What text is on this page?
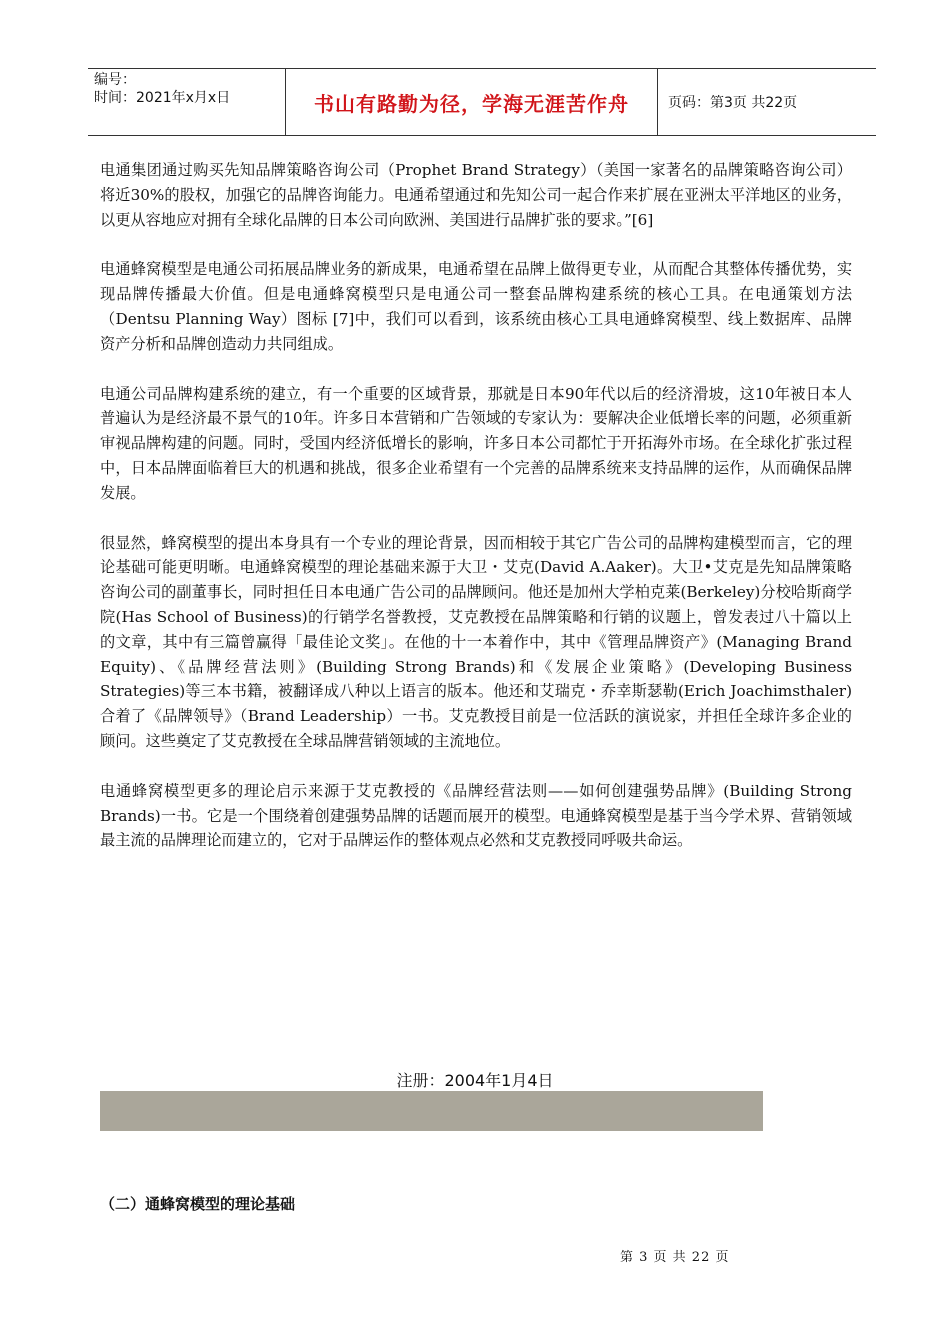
编号：
时间：2021年x月x日	书山有路勤为径，学海无涯苦作舟	页码：第3页 共22页

电通集团通过购买先知品牌策略咨询公司（Prophet Brand Strategy）（美国一家著名的品牌策略咨询公司）将近30%的股权，加强它的品牌咨询能力。电通希望通过和先知公司一起合作来扩展在亚洲太平洋地区的业务，以更从容地应对拥有全球化品牌的日本公司向欧洲、美国进行品牌扩张的要求。”[6]

电通蜂窝模型是电通公司拓展品牌业务的新成果，电通希望在品牌上做得更专业，从而配合其整体传播优势，实现品牌传播最大价值。但是电通蜂窝模型只是电通公司一整套品牌构建系统的核心工具。在电通策划方法（Dentsu Planning Way）图标 [7]中，我们可以看到，该系统由核心工具电通蜂窝模型、线上数据库、品牌资产分析和品牌创造动力共同组成。

电通公司品牌构建系统的建立，有一个重要的区域背景，那就是日本90年代以后的经济滑坡，这10年被日本人普遍认为是经济最不景气的10年。许多日本营销和广告领域的专家认为：要解决企业低增长率的问题，必须重新审视品牌构建的问题。同时，受国内经济低增长的影响，许多日本公司都忙于开拓海外市场。在全球化扩张过程中，日本品牌面临着巨大的机遇和挑战，很多企业希望有一个完善的品牌系统来支持品牌的运作，从而确保品牌发展。

很显然，蜂窝模型的提出本身具有一个专业的理论背景，因而相较于其它广告公司的品牌构建模型而言，它的理论基础可能更明晰。电通蜂窝模型的理论基础来源于大卫・艾克(David A.Aaker)。大卫•艾克是先知品牌策略咨询公司的副董事长，同时担任日本电通广告公司的品牌顾问。他还是加州大学柏克莱(Berkeley)分校哈斯商学院(Has School of Business)的行销学名誉教授，艾克教授在品牌策略和行销的议题上，曾发表过八十篇以上的文章，其中有三篇曾赢得「最佳论文奖」。在他的十一本着作中，其中《管理品牌资产》(Managing Brand Equity)、《品牌经营法则》(Building Strong Brands)和《发展企业策略》(Developing Business Strategies)等三本书籍，被翻译成八种以上语言的版本。他还和艾瑞克・乔幸斯瑟勒(Erich Joachimsthaler)合着了《品牌领导》（Brand Leadership）一书。艾克教授目前是一位活跃的演说家，并担任全球许多企业的顾问。这些奠定了艾克教授在全球品牌营销领域的主流地位。

电通蜂窝模型更多的理论启示来源于艾克教授的《品牌经营法则——如何创建强势品牌》(Building Strong Brands)一书。它是一个围绕着创建强势品牌的话题而展开的模型。电通蜂窝模型是基于当今学术界、营销领域最主流的品牌理论而建立的，它对于品牌运作的整体观点必然和艾克教授同呼吸共命运。

注册：2004年1月4日
（二）通蜂窝模型的理论基础
第 3 页 共 22 页
